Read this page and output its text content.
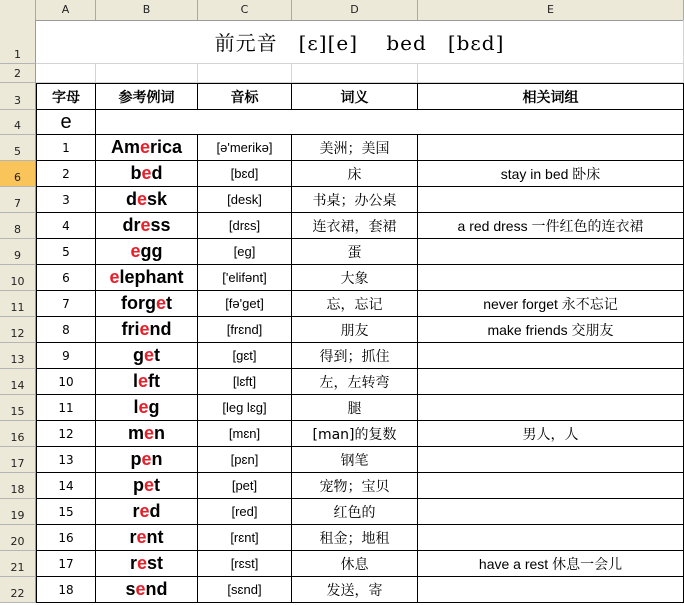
A	B	C	D	E
1
2
3
4
前元音　[ɛ][e]　 bed　[bɛd]
字母	参考例词	音标	词义	相关词组
e
5	1	Am e rica	[ə'merikə]	美洲；美国
6	2	b e d	[bɛd]	床	stay in bed 卧床
7	3	d e sk	[desk]	书桌；办公桌
8	4	dr e ss	[drɛs]	连衣裙，套裙	a red dress 一件红色的连衣裙
9	5	e gg	[eg]	蛋
10	6	e lephant	['elifənt]	大象
11	7	forg e t	[fə'get]	忘，忘记	never forget 永不忘记
12	8	fri e nd	[frɛnd]	朋友	make friends 交朋友
13	9	g e t	[ɡɛt]	得到；抓住
14	10	l e ft	[lɛft]	左，左转弯
15	11	l e g	[leg lɛg]	腿
16	12	m e n	[mɛn]	[man]的复数	男人，人
17	13	p e n	[pɛn]	钢笔
18	14	p e t	[pet]	宠物；宝贝
19	15	r e d	[red]	红色的
20	16	r e nt	[rɛnt]	租金；地租
21	17	r e st	[rɛst]	休息	have a rest 休息一会儿
22	18	s e nd	[sɛnd]	发送，寄
